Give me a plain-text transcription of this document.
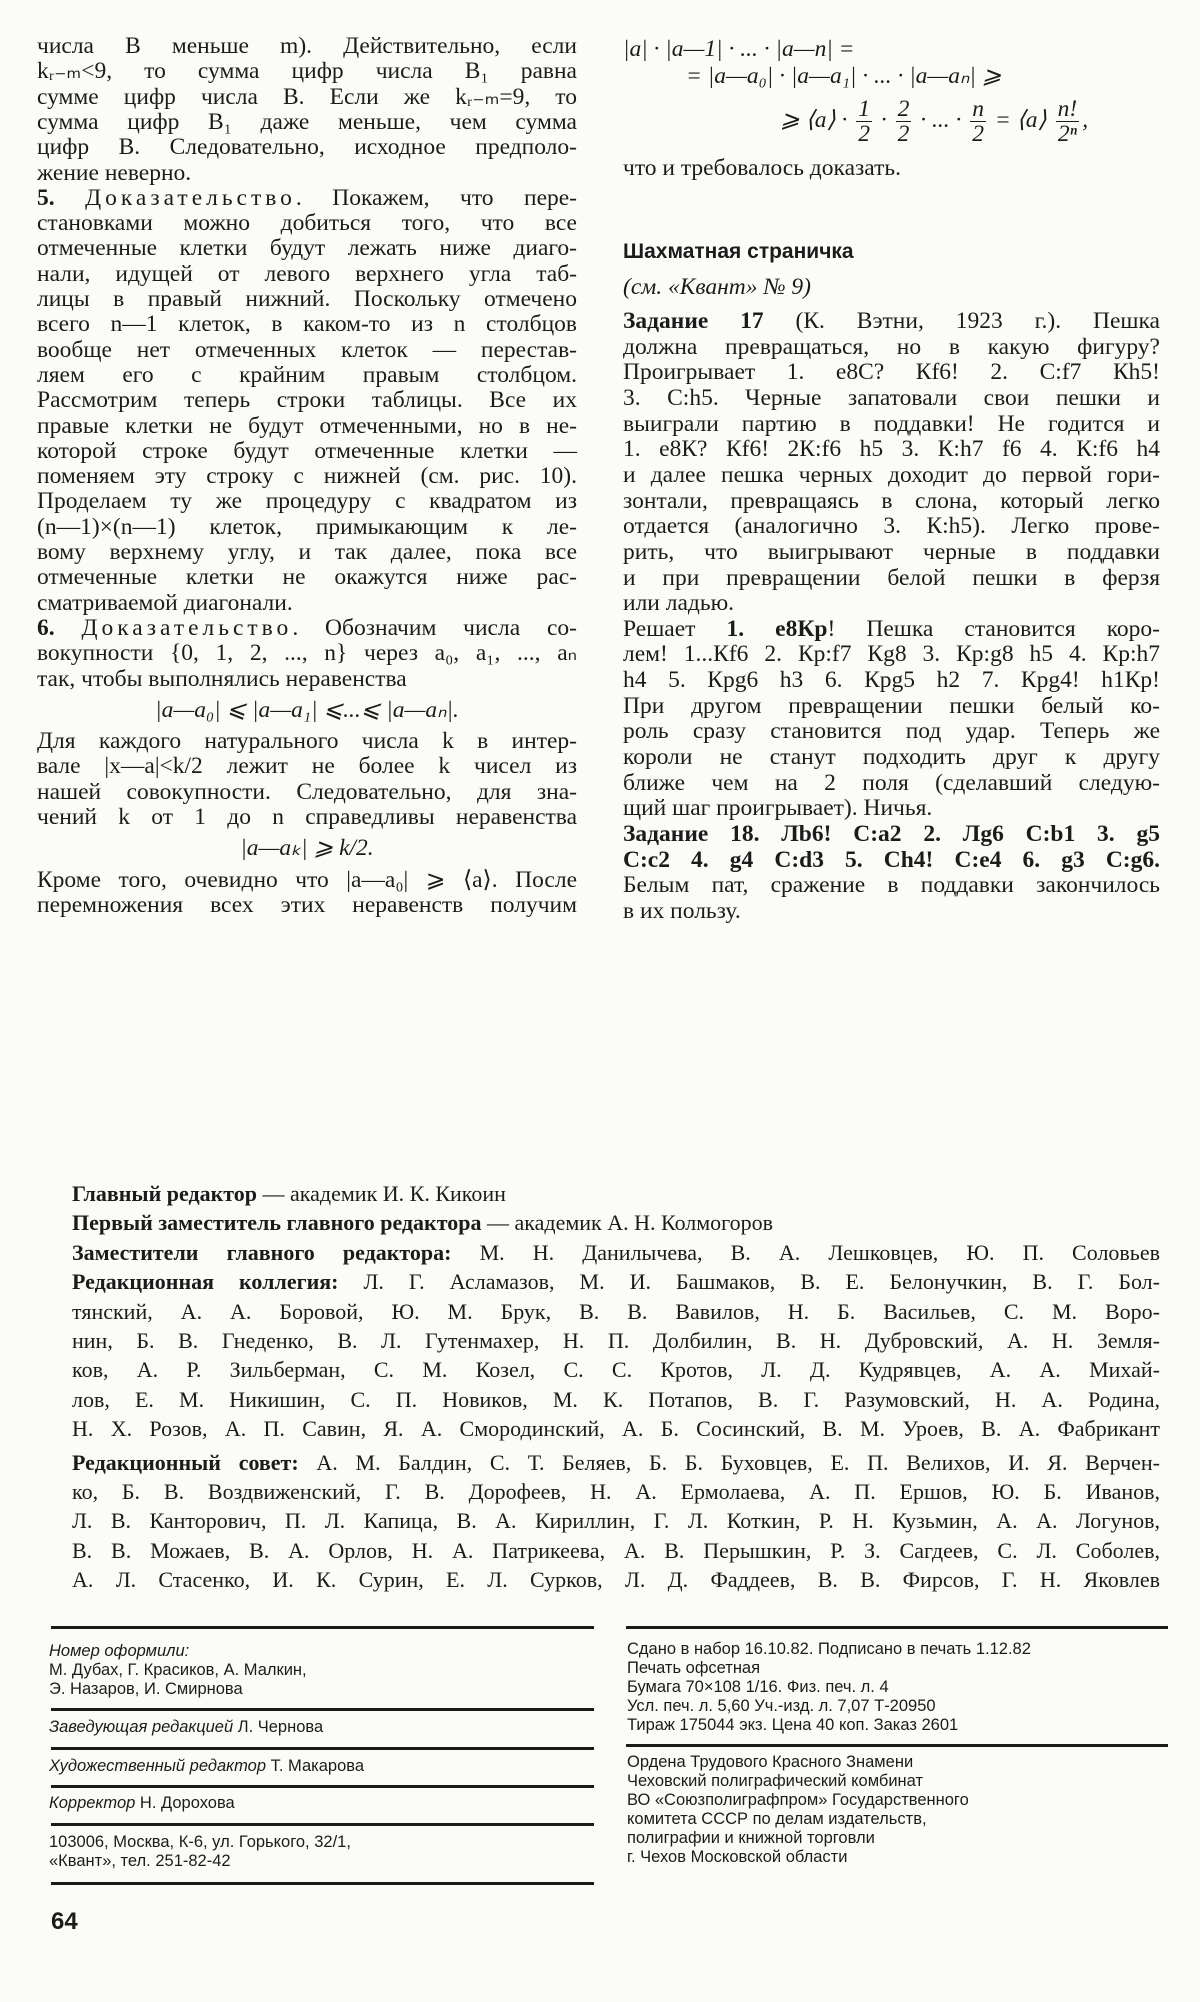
числа B меньше m). Действительно, если
kᵣ₋ₘ<9, то сумма цифр числа B₁ равна
сумме цифр числа B. Если же kᵣ₋ₘ=9, то
сумма цифр B₁ даже меньше, чем сумма
цифр B. Следовательно, исходное предполо-
жение неверно.
5. Доказательство. Покажем, что пере-
становками можно добиться того, что все
отмеченные клетки будут лежать ниже диаго-
нали, идущей от левого верхнего угла таб-
лицы в правый нижний. Поскольку отмечено
всего n—1 клеток, в каком-то из n столбцов
вообще нет отмеченных клеток — перестав-
ляем его с крайним правым столбцом.
Рассмотрим теперь строки таблицы. Все их
правые клетки не будут отмеченными, но в не-
которой строке будут отмеченные клетки —
поменяем эту строку с нижней (см. рис. 10).
Проделаем ту же процедуру с квадратом из
(n—1)×(n—1) клеток, примыкающим к ле-
вому верхнему углу, и так далее, пока все
отмеченные клетки не окажутся ниже рас-
сматриваемой диагонали.
6. Доказательство. Обозначим числа со-
вокупности {0, 1, 2, ..., n} через a₀, a₁, ..., aₙ
так, чтобы выполнялись неравенства
|a—a₀| ⩽ |a—a₁| ⩽...⩽ |a—aₙ|.
Для каждого натурального числа k в интер-
вале |x—a|<k/2 лежит не более k чисел из
нашей совокупности. Следовательно, для зна-
чений k от 1 до n справедливы неравенства
|a—aₖ| ⩾ k/2.
Кроме того, очевидно что |a—a₀| ⩾ ⟨a⟩. После
перемножения всех этих неравенств получим
|a| · |a—1| · ... · |a—n| =
= |a—a₀| · |a—a₁| · ... · |a—aₙ| ⩾
⩾ ⟨a⟩ · $\frac{1}{2} \cdot \frac{2}{2}$ · ... · $\frac{n}{2}$ = ⟨a⟩ $\frac{n!}{\text{2ⁿ}}$ ,
что и требовалось доказать.
Шахматная страничка
(см. «Квант» № 9)
Задание 17 (К. Вэтни, 1923 г.). Пешка
должна превращаться, но в какую фигуру?
Проигрывает 1. e8С? Кf6! 2. С:f7 Кh5!
3. С:h5. Черные запатовали свои пешки и
выиграли партию в поддавки! Не годится и
1. e8К? Кf6! 2К:f6 h5 3. К:h7 f6 4. К:f6 h4
и далее пешка черных доходит до первой гори-
зонтали, превращаясь в слона, который легко
отдается (аналогично 3. К:h5). Легко прове-
рить, что выигрывают черные в поддавки
и при превращении белой пешки в ферзя
или ладью.
Решает 1. e8Кр! Пешка становится коро-
лем! 1...Кf6 2. Кр:f7 Кg8 3. Кр:g8 h5 4. Кр:h7
h4 5. Крg6 h3 6. Крg5 h2 7. Крg4! h1Кр!
При другом превращении пешки белый ко-
роль сразу становится под удар. Теперь же
короли не станут подходить друг к другу
ближе чем на 2 поля (сделавший следую-
щий шаг проигрывает). Ничья.
Задание 18. Лb6! С:a2 2. Лg6 С:b1 3. g5
С:c2 4. g4 С:d3 5. Сh4! С:e4 6. g3 С:g6.
Белым пат, сражение в поддавки закончилось
в их пользу.
Главный редактор — академик И. К. Кикоин
Первый заместитель главного редактора — академик А. Н. Колмогоров
Заместители главного редактора: М. Н. Данилычева, В. А. Лешковцев, Ю. П. Соловьев
Редакционная коллегия: Л. Г. Асламазов, М. И. Башмаков, В. Е. Белонучкин, В. Г. Бол-
тянский, А. А. Боровой, Ю. М. Брук, В. В. Вавилов, Н. Б. Васильев, С. М. Воро-
нин, Б. В. Гнеденко, В. Л. Гутенмахер, Н. П. Долбилин, В. Н. Дубровский, А. Н. Земля-
ков, А. Р. Зильберман, С. М. Козел, С. С. Кротов, Л. Д. Кудрявцев, А. А. Михай-
лов, Е. М. Никишин, С. П. Новиков, М. К. Потапов, В. Г. Разумовский, Н. А. Родина,
Н. Х. Розов, А. П. Савин, Я. А. Смородинский, А. Б. Сосинский, В. М. Уроев, В. А. Фабрикант
Редакционный совет: А. М. Балдин, С. Т. Беляев, Б. Б. Буховцев, Е. П. Велихов, И. Я. Верчен-
ко, Б. В. Воздвиженский, Г. В. Дорофеев, Н. А. Ермолаева, А. П. Ершов, Ю. Б. Иванов,
Л. В. Канторович, П. Л. Капица, В. А. Кириллин, Г. Л. Коткин, Р. Н. Кузьмин, А. А. Логунов,
В. В. Можаев, В. А. Орлов, Н. А. Патрикеева, А. В. Перышкин, Р. З. Сагдеев, С. Л. Соболев,
А. Л. Стасенко, И. К. Сурин, Е. Л. Сурков, Л. Д. Фаддеев, В. В. Фирсов, Г. Н. Яковлев
Номер оформили:
М. Дубах, Г. Красиков, А. Малкин,
Э. Назаров, И. Смирнова
Заведующая редакцией Л. Чернова
Художественный редактор Т. Макарова
Корректор Н. Дорохова
103006, Москва, К-6, ул. Горького, 32/1,
«Квант», тел. 251-82-42
Сдано в набор 16.10.82. Подписано в печать 1.12.82
Печать офсетная
Бумага 70×108 1/16. Физ. печ. л. 4
Усл. печ. л. 5,60 Уч.-изд. л. 7,07 Т-20950
Тираж 175044 экз. Цена 40 коп. Заказ 2601
Ордена Трудового Красного Знамени
Чеховский полиграфический комбинат
ВО «Союзполиграфпром» Государственного
комитета СССР по делам издательств,
полиграфии и книжной торговли
г. Чехов Московской области
64
